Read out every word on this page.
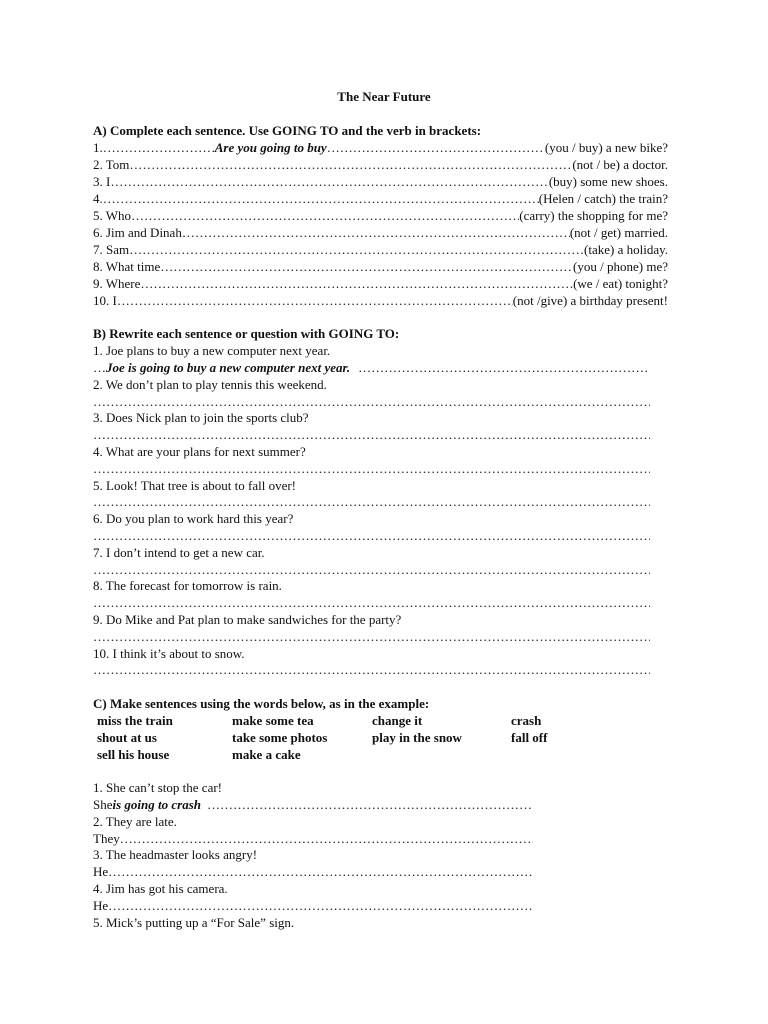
The Near Future
A) Complete each sentence. Use GOING TO and the verb in brackets:
1. …………………………………………………………………………………………………………………………………………………………………………………………………………	Are you going to buy …………………………………………………………………………………………………………………………………………………………………………………………………………	(you / buy) a new bike?
2. Tom …………………………………………………………………………………………………………………………………………………………………………………………………………	(not / be) a doctor.
3. I …………………………………………………………………………………………………………………………………………………………………………………………………………	(buy) some new shoes.
4. …………………………………………………………………………………………………………………………………………………………………………………………………………	(Helen / catch) the train?
5. Who …………………………………………………………………………………………………………………………………………………………………………………………………………	(carry) the shopping for me?
6. Jim and Dinah …………………………………………………………………………………………………………………………………………………………………………………………………………	(not / get) married.
7. Sam …………………………………………………………………………………………………………………………………………………………………………………………………………	(take) a holiday.
8. What time …………………………………………………………………………………………………………………………………………………………………………………………………………	(you / phone) me?
9. Where …………………………………………………………………………………………………………………………………………………………………………………………………………	(we / eat) tonight?
10. I …………………………………………………………………………………………………………………………………………………………………………………………………………	(not /give) a birthday present!
B) Rewrite each sentence or question with GOING TO:
1. Joe plans to buy a new computer next year.
… Joe is going to buy a new computer next year.
…………………………………………………………………………………………………………………………………………………………………………………………………………
2. We don’t plan to play tennis this weekend.
…………………………………………………………………………………………………………………………………………………………………………………………………………
3. Does Nick plan to join the sports club?
…………………………………………………………………………………………………………………………………………………………………………………………………………
4. What are your plans for next summer?
…………………………………………………………………………………………………………………………………………………………………………………………………………
5. Look! That tree is about to fall over!
…………………………………………………………………………………………………………………………………………………………………………………………………………
6. Do you plan to work hard this year?
…………………………………………………………………………………………………………………………………………………………………………………………………………
7. I don’t intend to get a new car.
…………………………………………………………………………………………………………………………………………………………………………………………………………
8. The forecast for tomorrow is rain.
…………………………………………………………………………………………………………………………………………………………………………………………………………
9. Do Mike and Pat plan to make sandwiches for the party?
…………………………………………………………………………………………………………………………………………………………………………………………………………
10. I think it’s about to snow.
…………………………………………………………………………………………………………………………………………………………………………………………………………
C) Make sentences using the words below, as in the example:
miss the train	make some tea	change it	crash
shout at us	take some photos	play in the snow	fall off
sell his house	make a cake
1. She can’t stop the car!
She is going to crash
…………………………………………………………………………………………………………………………………………………………………………………………………………
2. They are late.
They
…………………………………………………………………………………………………………………………………………………………………………………………………………
3. The headmaster looks angry!
He
…………………………………………………………………………………………………………………………………………………………………………………………………………
4. Jim has got his camera.
He
…………………………………………………………………………………………………………………………………………………………………………………………………………
5. Mick’s putting up a “For Sale” sign.
